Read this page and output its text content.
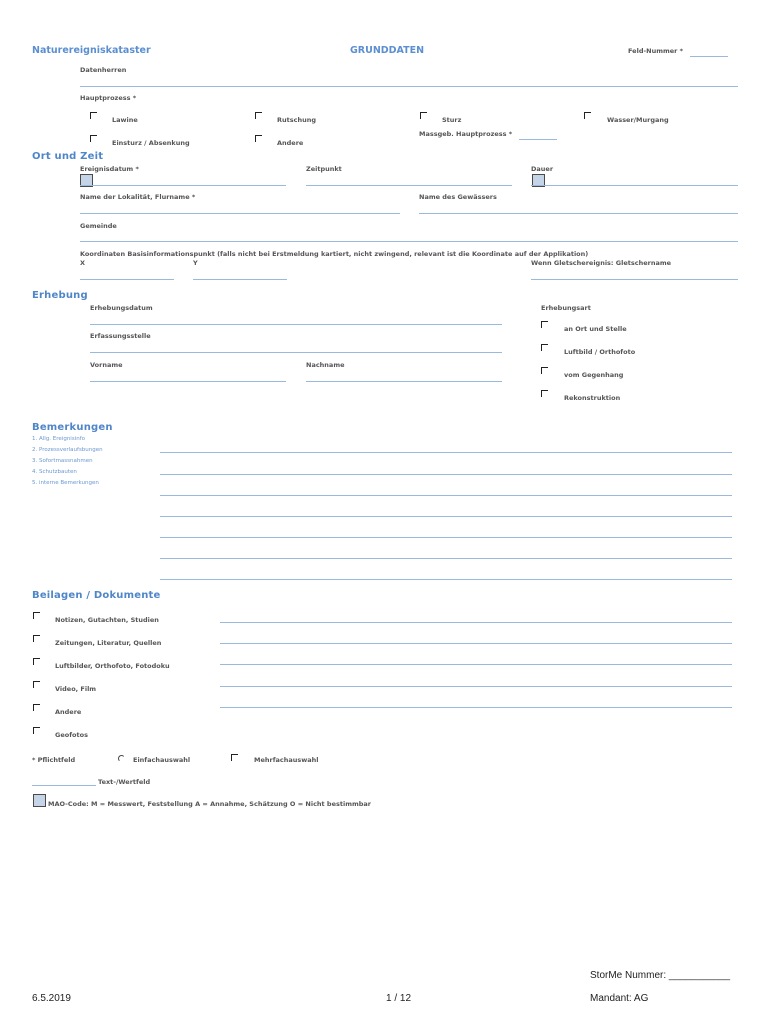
Naturereigniskataster	GRUNDDATEN	Feld-Nummer *
Datenherren
Hauptprozess *
Lawine	Rutschung	Sturz	Wasser/Murgang
Einsturz / Absenkung	Andere
Massgeb. Hauptprozess *
Ort und Zeit
Ereignisdatum *	Zeitpunkt	Dauer
Name der Lokalität, Flurname *	Name des Gewässers
Gemeinde
Koordinaten Basisinformationspunkt (falls nicht bei Erstmeldung kartiert, nicht zwingend, relevant ist die Koordinate auf der Applikation)
X	Y	Wenn Gletschereignis: Gletschername
Erhebung
Erhebungsdatum
Erfassungsstelle
Vorname	Nachname
Erhebungsart
an Ort und Stelle
Luftbild / Orthofoto
vom Gegenhang
Rekonstruktion
Bemerkungen
1. Allg. Ereignisinfo
2. Prozessverlaufsbungen
3. Sofortmassnahmen
4. Schutzbauten
5. interne Bemerkungen
Beilagen / Dokumente
Notizen, Gutachten, Studien
Zeitungen, Literatur, Quellen
Luftbilder, Orthofoto, Fotodoku
Video, Film
Andere
Geofotos
* Pflichtfeld	Einfachauswahl	Mehrfachauswahl
Text-/Wertfeld
MAO-Code: M = Messwert, Feststellung A = Annahme, Schätzung O = Nicht bestimmbar
StorMe Nummer: ___________
6.5.2019	1 / 12	Mandant: AG
